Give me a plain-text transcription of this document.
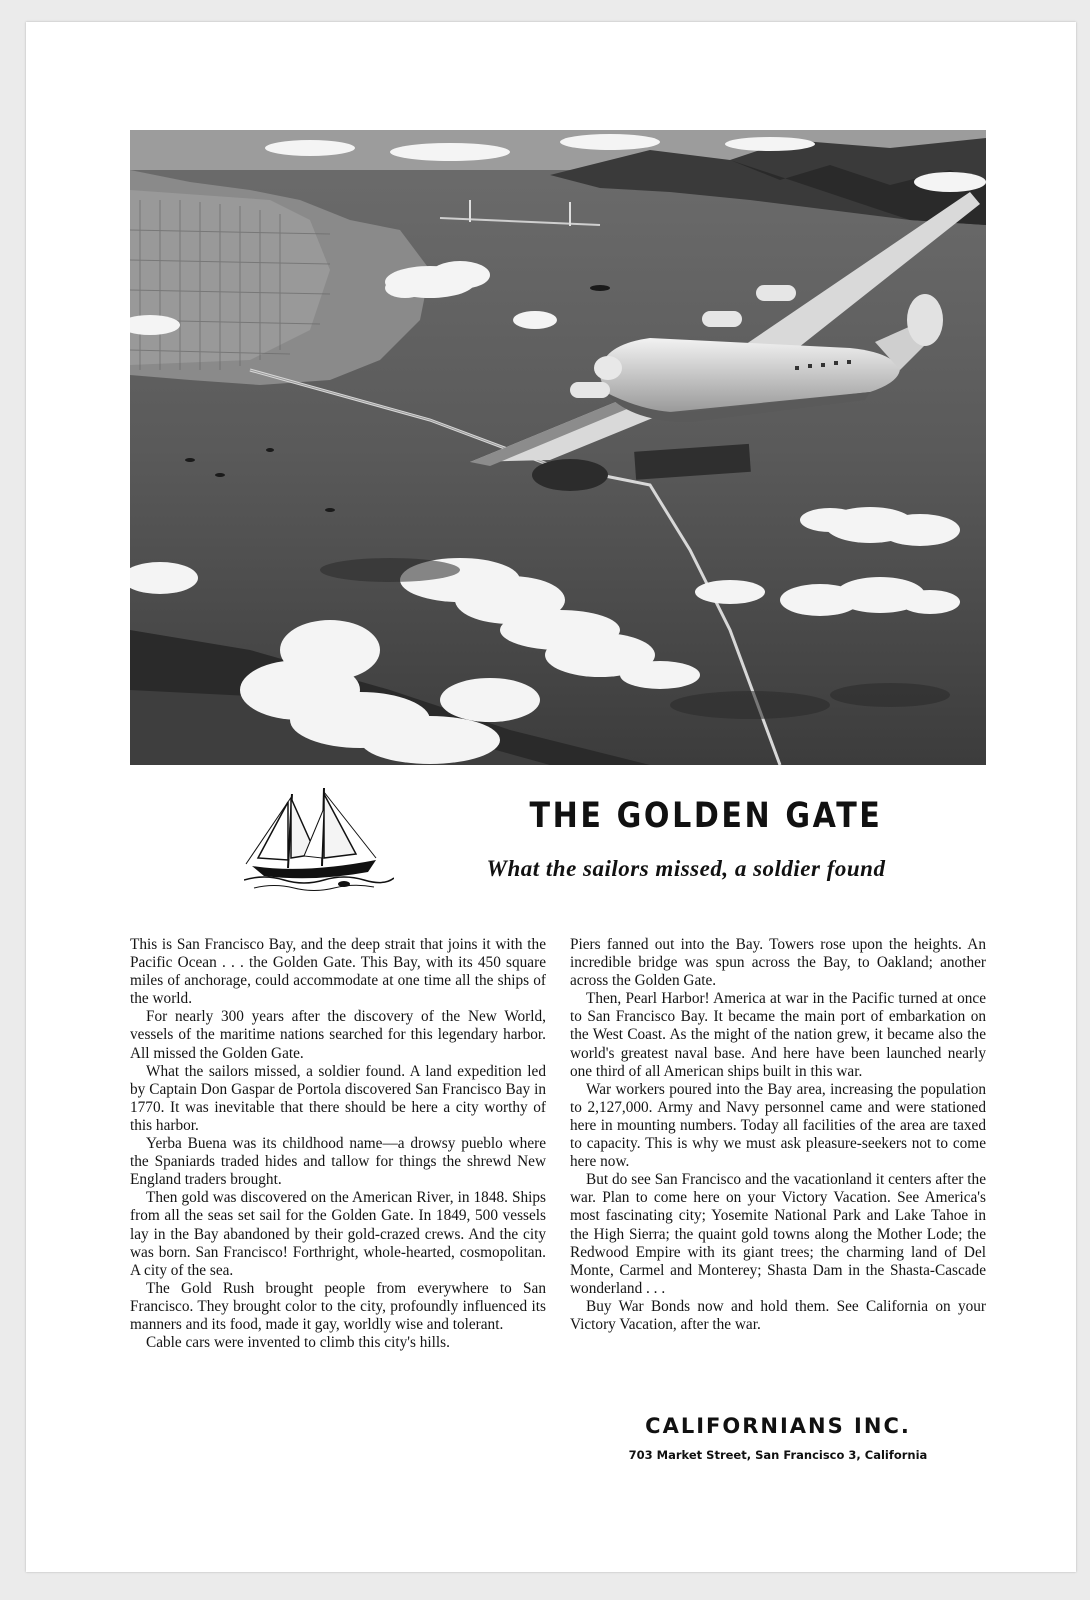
THE GOLDEN GATE
What the sailors missed, a soldier found

This is San Francisco Bay, and the deep strait that joins it with the Pacific Ocean . . . the Golden Gate. This Bay, with its 450 square miles of anchorage, could accommodate at one time all the ships of the world.

For nearly 300 years after the discovery of the New World, vessels of the maritime nations searched for this legendary harbor. All missed the Golden Gate.

What the sailors missed, a soldier found. A land expedition led by Captain Don Gaspar de Portola discovered San Francisco Bay in 1770. It was inevitable that there should be here a city worthy of this harbor.

Yerba Buena was its childhood name—a drowsy pueblo where the Spaniards traded hides and tallow for things the shrewd New England traders brought.

Then gold was discovered on the American River, in 1848. Ships from all the seas set sail for the Golden Gate. In 1849, 500 vessels lay in the Bay abandoned by their gold-crazed crews. And the city was born. San Francisco! Forthright, whole-hearted, cosmopolitan. A city of the sea.

The Gold Rush brought people from everywhere to San Francisco. They brought color to the city, profoundly influenced its manners and its food, made it gay, worldly wise and tolerant.

Cable cars were invented to climb this city's hills.

Piers fanned out into the Bay. Towers rose upon the heights. An incredible bridge was spun across the Bay, to Oakland; another across the Golden Gate.

Then, Pearl Harbor! America at war in the Pacific turned at once to San Francisco Bay. It became the main port of embarkation on the West Coast. As the might of the nation grew, it became also the world's greatest naval base. And here have been launched nearly one third of all American ships built in this war.

War workers poured into the Bay area, increasing the population to 2,127,000. Army and Navy personnel came and were stationed here in mounting numbers. Today all facilities of the area are taxed to capacity. This is why we must ask pleasure-seekers not to come here now.

But do see San Francisco and the vacationland it centers after the war. Plan to come here on your Victory Vacation. See America's most fascinating city; Yosemite National Park and Lake Tahoe in the High Sierra; the quaint gold towns along the Mother Lode; the Redwood Empire with its giant trees; the charming land of Del Monte, Carmel and Monterey; Shasta Dam in the Shasta-Cascade wonderland . . .

Buy War Bonds now and hold them. See California on your Victory Vacation, after the war.

CALIFORNIANS INC.
703 Market Street, San Francisco 3, California
